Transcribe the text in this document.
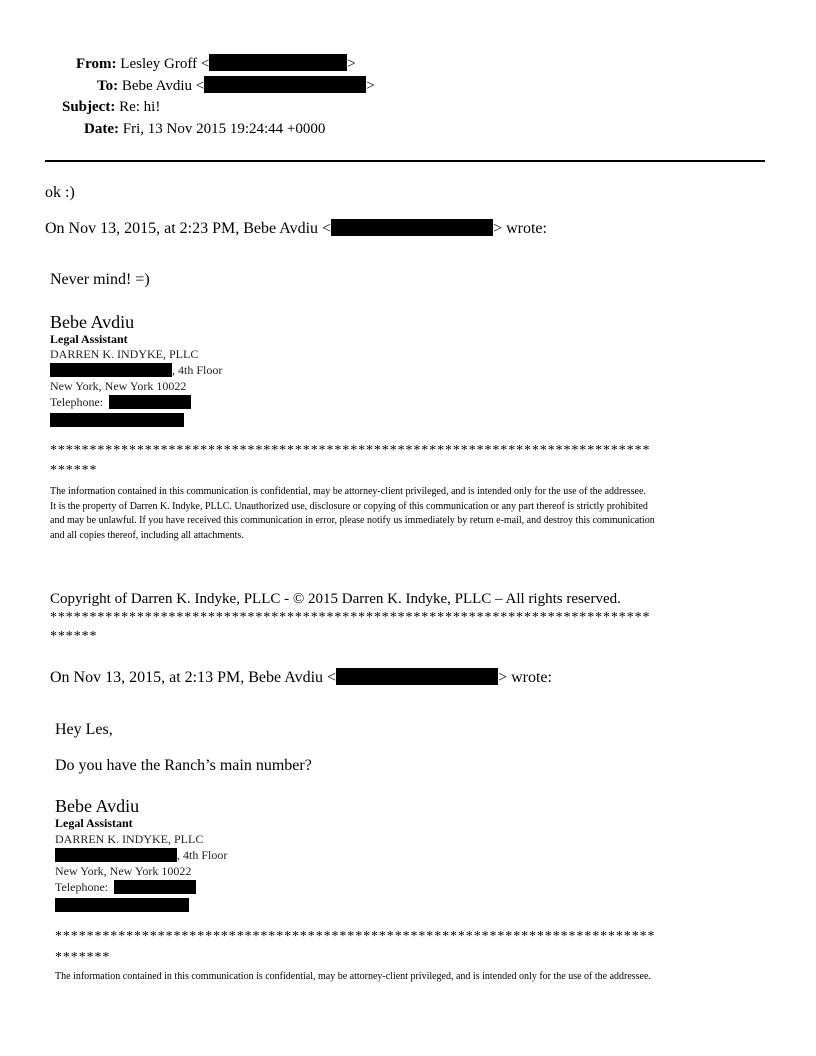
From: Lesley Groff <	>
To: Bebe Avdiu <	>
Subject: Re: hi!
Date: Fri, 13 Nov 2015 19:24:44 +0000
ok :)
On Nov 13, 2015, at 2:23 PM, Bebe Avdiu <	> wrote:
Never mind! =)
Bebe Avdiu
Legal Assistant
DARREN K. INDYKE, PLLC
, 4th Floor
New York, New York 10022
Telephone:
****************************************************************************
******
The information contained in this communication is confidential, may be attorney-client privileged, and is intended only for the use of the addressee.
It is the property of Darren K. Indyke, PLLC. Unauthorized use, disclosure or copying of this communication or any part thereof is strictly prohibited
and may be unlawful. If you have received this communication in error, please notify us immediately by return e-mail, and destroy this communication
and all copies thereof, including all attachments.
Copyright of Darren K. Indyke, PLLC - © 2015 Darren K. Indyke, PLLC – All rights reserved.
****************************************************************************
******
On Nov 13, 2015, at 2:13 PM, Bebe Avdiu <	> wrote:
Hey Les,
Do you have the Ranch’s main number?
Bebe Avdiu
Legal Assistant
DARREN K. INDYKE, PLLC
, 4th Floor
New York, New York 10022
Telephone:
****************************************************************************
*******
The information contained in this communication is confidential, may be attorney-client privileged, and is intended only for the use of the addressee.
